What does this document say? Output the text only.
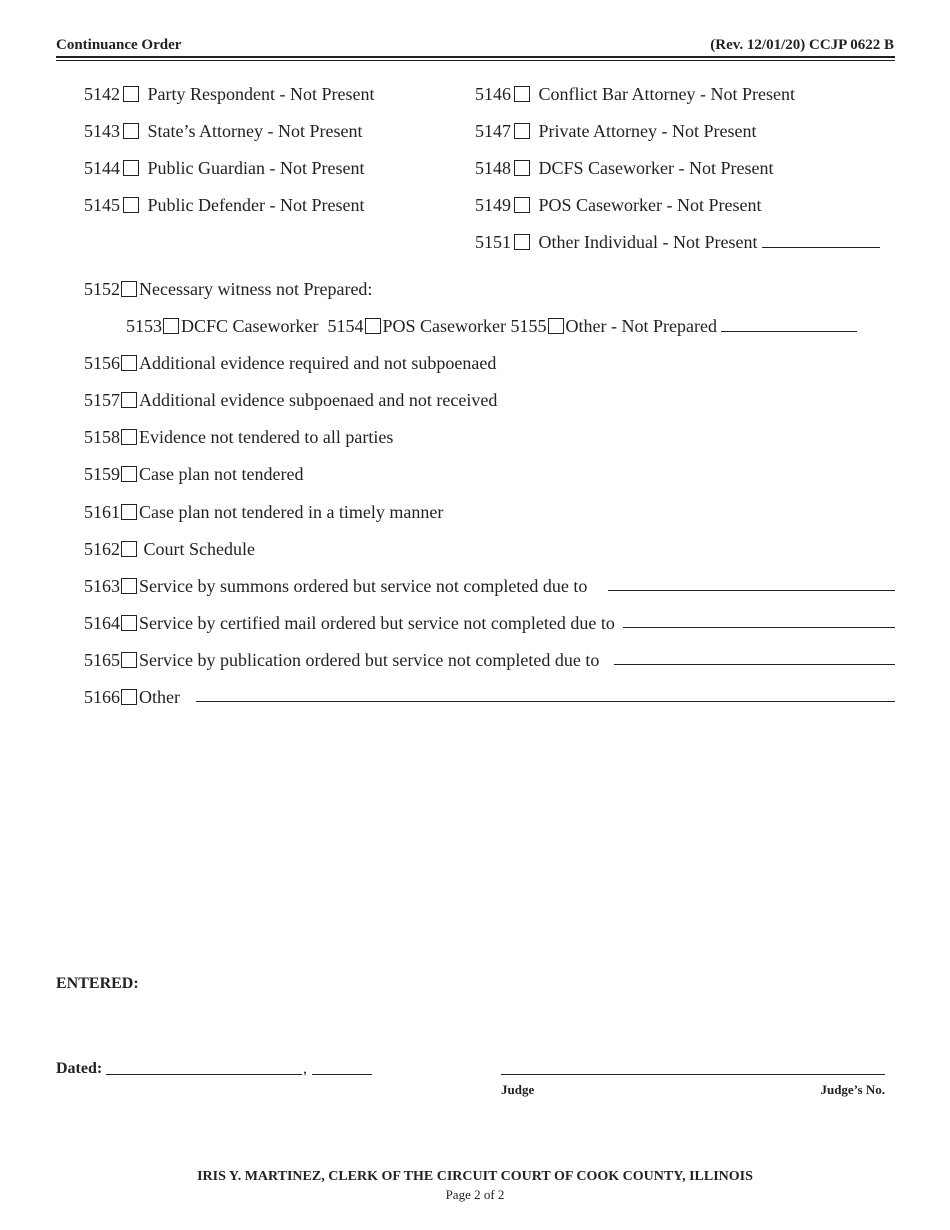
Continuance Order	(Rev. 12/01/20) CCJP 0622 B
5142 Party Respondent - Not Present
5143 State’s Attorney - Not Present
5144 Public Guardian - Not Present
5145 Public Defender - Not Present
5146 Conflict Bar Attorney - Not Present
5147 Private Attorney - Not Present
5148 DCFS Caseworker - Not Present
5149 POS Caseworker - Not Present
5151 Other Individual - Not Present
5152 Necessary witness not Prepared:
5153 DCFC Caseworker 5154 POS Caseworker 5155 Other - Not Prepared
5156 Additional evidence required and not subpoenaed
5157 Additional evidence subpoenaed and not received
5158 Evidence not tendered to all parties
5159 Case plan not tendered
5161 Case plan not tendered in a timely manner
5162 Court Schedule
5163 Service by summons ordered but service not completed due to
5164 Service by certified mail ordered but service not completed due to
5165 Service by publication ordered but service not completed due to
5166 Other
ENTERED:
Dated:	,
Judge	Judge’s No.
IRIS Y. MARTINEZ, CLERK OF THE CIRCUIT COURT OF COOK COUNTY, ILLINOIS
Page 2 of 2
